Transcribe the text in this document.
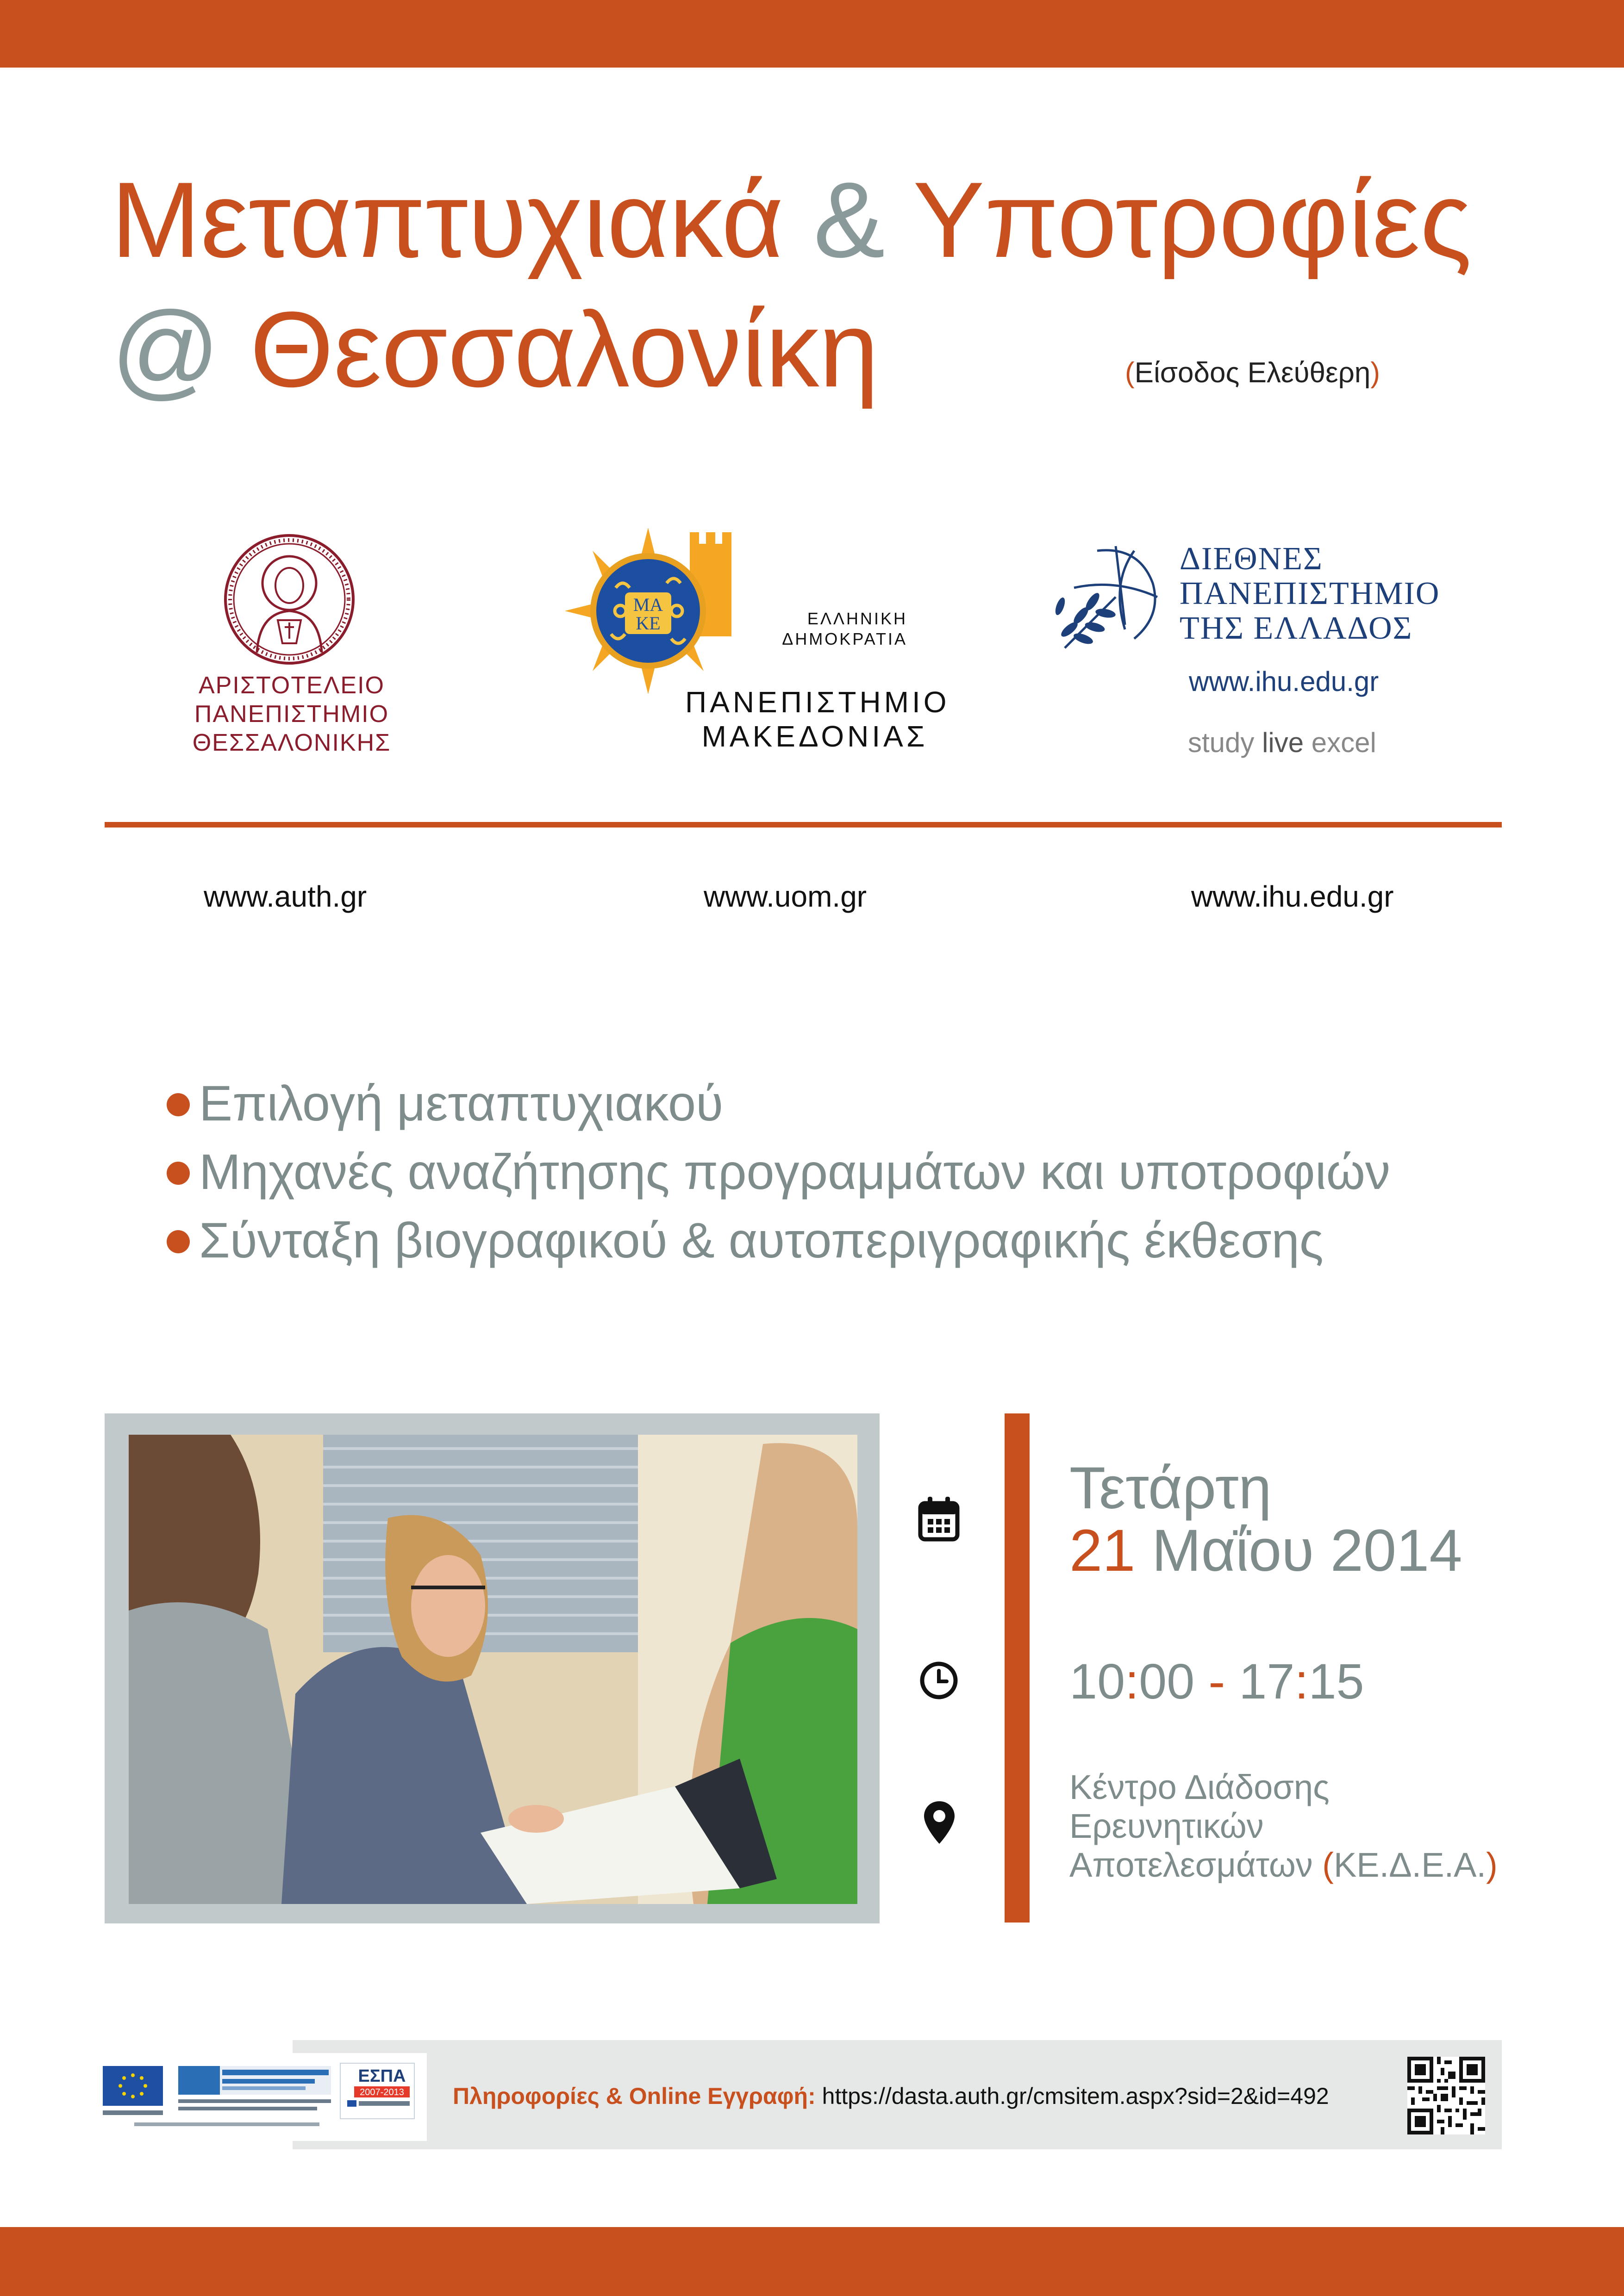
Μεταπτυχιακά & Υποτροφίες
@ Θεσσαλονίκη	(Είσοδος Ελεύθερη)
ΑΡΙΣΤΟΤΕΛΕΙΟ
ΠΑΝΕΠΙΣΤΗΜΙΟ
ΘΕΣΣΑΛΟΝΙΚΗΣ
ΜΑ
ΚΕ	ΕΛΛΗΝΙΚΗ
ΔΗΜΟΚΡΑΤΙΑ
ΠΑΝΕΠΙΣΤΗΜΙΟ
ΜΑΚΕΔΟΝΙΑΣ
ΔΙΕΘΝΕΣ
ΠΑΝΕΠΙΣΤΗΜΙΟ
ΤΗΣ ΕΛΛΑΔΟΣ
www.ihu.edu.gr
study live excel
www.auth.gr	www.uom.gr	www.ihu.edu.gr
Επιλογή μεταπτυχιακού
Μηχανές αναζήτησης προγραμμάτων και υποτροφιών
Σύνταξη βιογραφικού & αυτοπεριγραφικής έκθεσης
Τετάρτη
21 Μαΐου 2014
10:00 - 17:15
Κέντρο Διάδοσης
Ερευνητικών
Αποτελεσμάτων (ΚΕ.Δ.Ε.Α.)
ΕΣΠΑ
2007-2013 Πληροφορίες & Online Εγγραφή: https://dasta.auth.gr/cmsitem.aspx?sid=2&id=492
